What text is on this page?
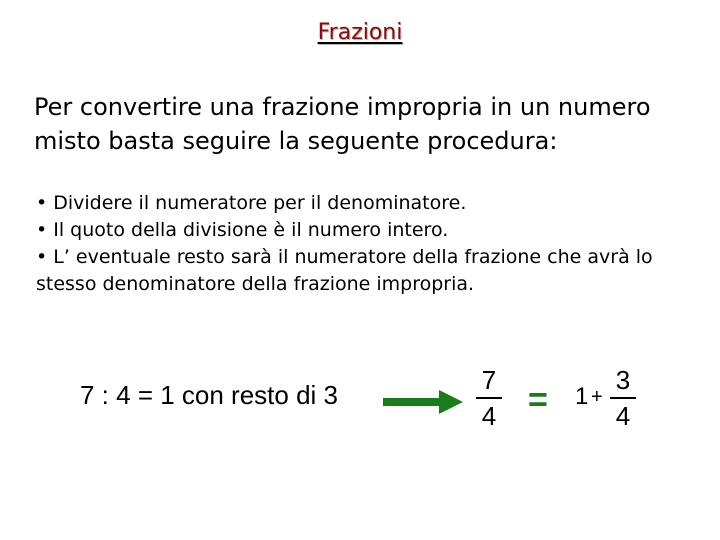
Frazioni
Per convertire una frazione impropria in un numero misto basta seguire la seguente procedura:

• Dividere il numeratore per il denominatore.

• Il quoto della divisione è il numero intero.

• L’ eventuale resto sarà il numeratore della frazione che avrà lo stesso denominatore della frazione impropria.

7 : 4 = 1 con resto di 3	7
4 = 1 +
3
4
